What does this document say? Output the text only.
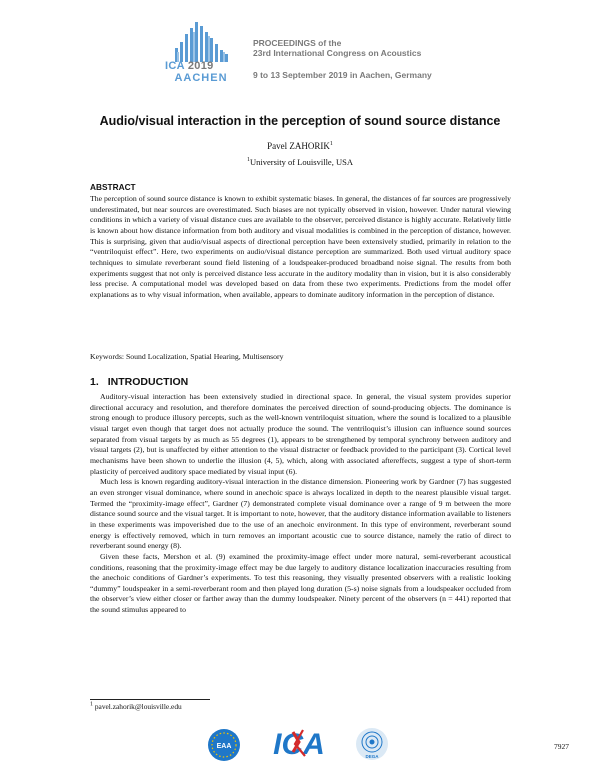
ICA 2019
AACHEN
PROCEEDINGS of the
23rd International Congress on Acoustics
9 to 13 September 2019 in Aachen, Germany
Audio/visual interaction in the perception of sound source distance
Pavel ZAHORIK$^1$
$^1$University of Louisville, USA
ABSTRACT

The perception of sound source distance is known to exhibit systematic biases. In general, the distances of far sources are progressively underestimated, but near sources are overestimated. Such biases are not typically observed in vision, however. Under natural viewing conditions in which a variety of visual distance cues are available to the observer, perceived distance is highly accurate. Relatively little is known about how distance information from both auditory and visual modalities is combined in the perception of distance, however. This is surprising, given that audio/visual aspects of directional perception have been extensively studied, primarily in relation to the “ventriloquist effect”. Here, two experiments on audio/visual distance perception are summarized. Both used virtual auditory space techniques to simulate reverberant sound field listening of a loudspeaker-produced broadband noise signal. The results from both experiments suggest that not only is perceived distance less accurate in the auditory modality than in vision, but it is also considerably less precise. A computational model was developed based on data from these two experiments. Predictions from the model offer explanations as to why visual information, when available, appears to dominate auditory information in the perception of distance.

Keywords: Sound Localization, Spatial Hearing, Multisensory
1. INTRODUCTION

Auditory-visual interaction has been extensively studied in directional space. In general, the visual system provides superior directional accuracy and resolution, and therefore dominates the perceived direction of sound-producing objects. The dominance is strong enough to produce illusory percepts, such as the well-known ventriloquist situation, where the sound is localized to a plausible visual target even though that target does not actually produce the sound. The ventriloquist’s illusion can influence sound sources separated from visual targets by as much as 55 degrees (1), appears to be strengthened by temporal synchrony between auditory and visual targets (2), but is unaffected by either attention to the visual distracter or feedback provided to the participant (3). Cortical level mechanisms have been shown to underlie the illusion (4, 5), which, along with associated aftereffects, suggest a type of short-term plasticity of perceived auditory space mediated by visual input (6).

Much less is known regarding auditory-visual interaction in the distance dimension. Pioneering work by Gardner (7) has suggested an even stronger visual dominance, where sound in anechoic space is always localized in depth to the nearest plausible visual target. Termed the “proximity-image effect”, Gardner (7) demonstrated complete visual dominance over a range of 9 m between the more distance sound source and the visual target. It is important to note, however, that the auditory distance information available to listeners in these experiments was impoverished due to the use of an anechoic environment. In this type of environment, reverberant sound energy is effectively removed, which in turn removes an important acoustic cue to source distance, namely the ratio of direct to reverberant sound energy (8).

Given these facts, Mershon et al. (9) examined the proximity-image effect under more natural, semi-reverberant acoustical conditions, reasoning that the proximity-image effect may be due largely to auditory distance localization inaccuracies resulting from the anechoic conditions of Gardner’s experiments. To test this reasoning, they visually presented observers with a realistic looking “dummy” loudspeaker in a semi-reverberant room and then played long duration (5-s) noise signals from a loudspeaker occluded from the observer’s view either closer or farther away than the dummy loudspeaker. Ninety percent of the observers (n = 441) reported that the sound stimulus appeared to

$^1$ pavel.zahorik@louisville.edu
EAA ICA	DEGA
7927
